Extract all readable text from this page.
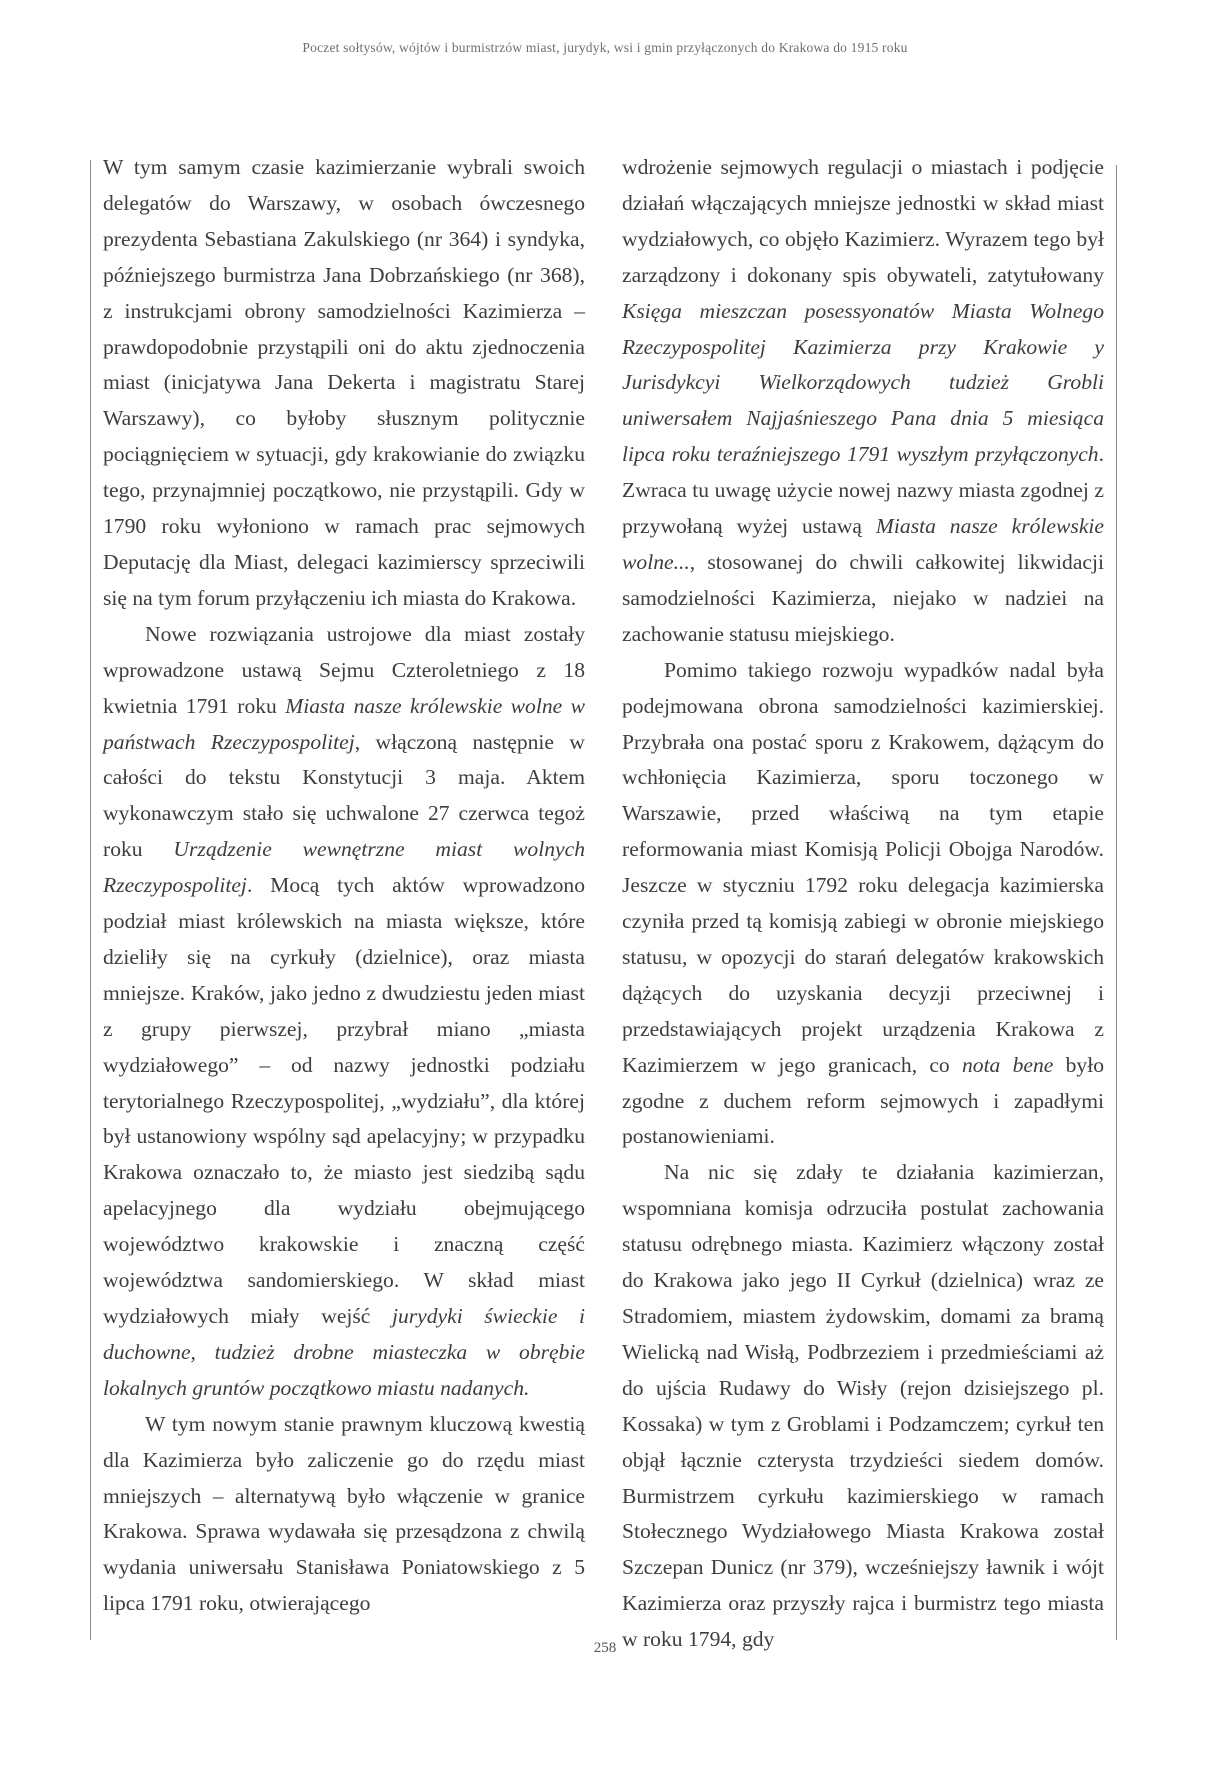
Poczet sołtysów, wójtów i burmistrzów miast, jurydyk, wsi i gmin przyłączonych do Krakowa do 1915 roku

W tym samym czasie kazimierzanie wybrali swoich delegatów do Warszawy, w osobach ówczesnego prezydenta Sebastiana Zakulskiego (nr 364) i syndyka, późniejszego burmistrza Jana Dobrzańskiego (nr 368), z instrukcjami obrony samodzielności Kazimierza – prawdopodobnie przystąpili oni do aktu zjednoczenia miast (inicjatywa Jana Dekerta i magistratu Starej Warszawy), co byłoby słusznym politycznie pociągnięciem w sytuacji, gdy krakowianie do związku tego, przynajmniej początkowo, nie przystąpili. Gdy w 1790 roku wyłoniono w ramach prac sejmowych Deputację dla Miast, delegaci kazimierscy sprzeciwili się na tym forum przyłączeniu ich miasta do Krakowa.

Nowe rozwiązania ustrojowe dla miast zostały wprowadzone ustawą Sejmu Czteroletniego z 18 kwietnia 1791 roku Miasta nasze królewskie wolne w państwach Rzeczypospolitej, włączoną następnie w całości do tekstu Konstytucji 3 maja. Aktem wykonawczym stało się uchwalone 27 czerwca tegoż roku Urządzenie wewnętrzne miast wolnych Rzeczypospolitej. Mocą tych aktów wprowadzono podział miast królewskich na miasta większe, które dzieliły się na cyrkuły (dzielnice), oraz miasta mniejsze. Kraków, jako jedno z dwudziestu jeden miast z grupy pierwszej, przybrał miano „miasta wydziałowego” – od nazwy jednostki podziału terytorialnego Rzeczypospolitej, „wydziału”, dla której był ustanowiony wspólny sąd apelacyjny; w przypadku Krakowa oznaczało to, że miasto jest siedzibą sądu apelacyjnego dla wydziału obejmującego województwo krakowskie i znaczną część województwa sandomierskiego. W skład miast wydziałowych miały wejść jurydyki świeckie i duchowne, tudzież drobne miasteczka w obrębie lokalnych gruntów początkowo miastu nadanych.

W tym nowym stanie prawnym kluczową kwestią dla Kazimierza było zaliczenie go do rzędu miast mniejszych – alternatywą było włączenie w granice Krakowa. Sprawa wydawała się przesądzona z chwilą wydania uniwersału Stanisława Poniatowskiego z 5 lipca 1791 roku, otwierającego

wdrożenie sejmowych regulacji o miastach i podjęcie działań włączających mniejsze jednostki w skład miast wydziałowych, co objęło Kazimierz. Wyrazem tego był zarządzony i dokonany spis obywateli, zatytułowany Księga mieszczan posessyonatów Miasta Wolnego Rzeczypospolitej Kazimierza przy Krakowie y Jurisdykcyi Wielkorządowych tudzież Grobli uniwersałem Najjaśnieszego Pana dnia 5 miesiąca lipca roku teraźniejszego 1791 wyszłym przyłączonych. Zwraca tu uwagę użycie nowej nazwy miasta zgodnej z przywołaną wyżej ustawą Miasta nasze królewskie wolne..., stosowanej do chwili całkowitej likwidacji samodzielności Kazimierza, niejako w nadziei na zachowanie statusu miejskiego.

Pomimo takiego rozwoju wypadków nadal była podejmowana obrona samodzielności kazimierskiej. Przybrała ona postać sporu z Krakowem, dążącym do wchłonięcia Kazimierza, sporu toczonego w Warszawie, przed właściwą na tym etapie reformowania miast Komisją Policji Obojga Narodów. Jeszcze w styczniu 1792 roku delegacja kazimierska czyniła przed tą komisją zabiegi w obronie miejskiego statusu, w opozycji do starań delegatów krakowskich dążących do uzyskania decyzji przeciwnej i przedstawiających projekt urządzenia Krakowa z Kazimierzem w jego granicach, co nota bene było zgodne z duchem reform sejmowych i zapadłymi postanowieniami.

Na nic się zdały te działania kazimierzan, wspomniana komisja odrzuciła postulat zachowania statusu odrębnego miasta. Kazimierz włączony został do Krakowa jako jego II Cyrkuł (dzielnica) wraz ze Stradomiem, miastem żydowskim, domami za bramą Wielicką nad Wisłą, Podbrzeziem i przedmieściami aż do ujścia Rudawy do Wisły (rejon dzisiejszego pl. Kossaka) w tym z Groblami i Podzamczem; cyrkuł ten objął łącznie czterysta trzydzieści siedem domów. Burmistrzem cyrkułu kazimierskiego w ramach Stołecznego Wydziałowego Miasta Krakowa został Szczepan Dunicz (nr 379), wcześniejszy ławnik i wójt Kazimierza oraz przyszły rajca i burmistrz tego miasta w roku 1794, gdy

258
